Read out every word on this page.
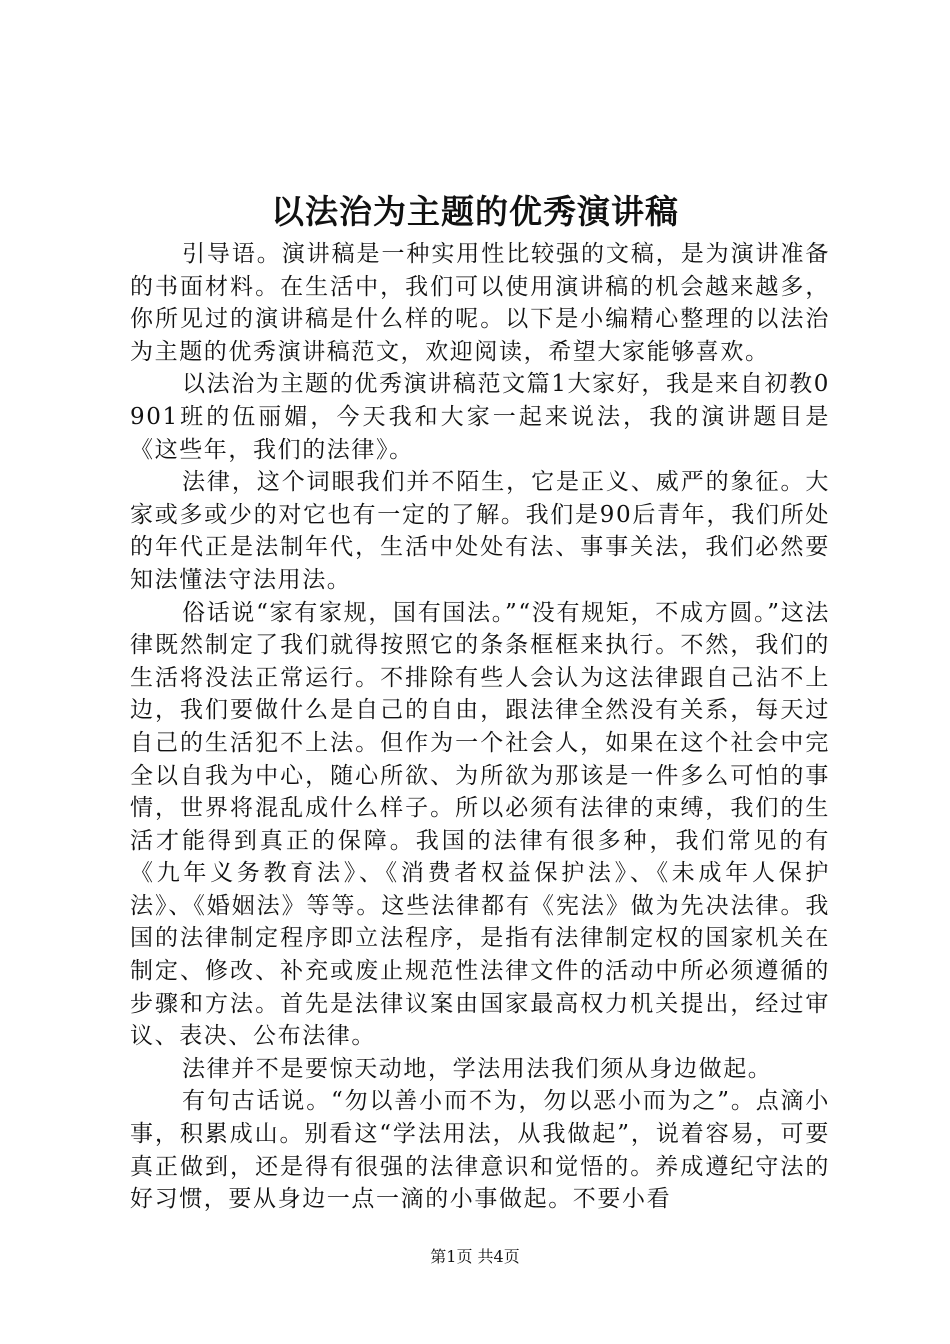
以法治为主题的优秀演讲稿

引导语。演讲稿是一种实用性比较强的文稿，是为演讲准备的书面材料。在生活中，我们可以使用演讲稿的机会越来越多，你所见过的演讲稿是什么样的呢。以下是小编精心整理的以法治为主题的优秀演讲稿范文，欢迎阅读，希望大家能够喜欢。

以法治为主题的优秀演讲稿范文篇1大家好，我是来自初教0901班的伍丽媚，今天我和大家一起来说法，我的演讲题目是《这些年，我们的法律》。

法律，这个词眼我们并不陌生，它是正义、威严的象征。大家或多或少的对它也有一定的了解。我们是90后青年，我们所处的年代正是法制年代，生活中处处有法、事事关法，我们必然要知法懂法守法用法。

俗话说“家有家规，国有国法。”“没有规矩，不成方圆。”这法律既然制定了我们就得按照它的条条框框来执行。不然，我们的生活将没法正常运行。不排除有些人会认为这法律跟自己沾不上边，我们要做什么是自己的自由，跟法律全然没有关系，每天过自己的生活犯不上法。但作为一个社会人，如果在这个社会中完全以自我为中心，随心所欲、为所欲为那该是一件多么可怕的事情，世界将混乱成什么样子。所以必须有法律的束缚，我们的生活才能得到真正的保障。我国的法律有很多种，我们常见的有《九年义务教育法》、《消费者权益保护法》、《未成年人保护法》、《婚姻法》等等。这些法律都有《宪法》做为先决法律。我国的法律制定程序即立法程序，是指有法律制定权的国家机关在制定、修改、补充或废止规范性法律文件的活动中所必须遵循的步骤和方法。首先是法律议案由国家最高权力机关提出，经过审议、表决、公布法律。

法律并不是要惊天动地，学法用法我们须从身边做起。

有句古话说。“勿以善小而不为，勿以恶小而为之”。点滴小事，积累成山。别看这“学法用法，从我做起”，说着容易，可要真正做到，还是得有很强的法律意识和觉悟的。养成遵纪守法的好习惯，要从身边一点一滴的小事做起。不要小看

第1页 共4页
